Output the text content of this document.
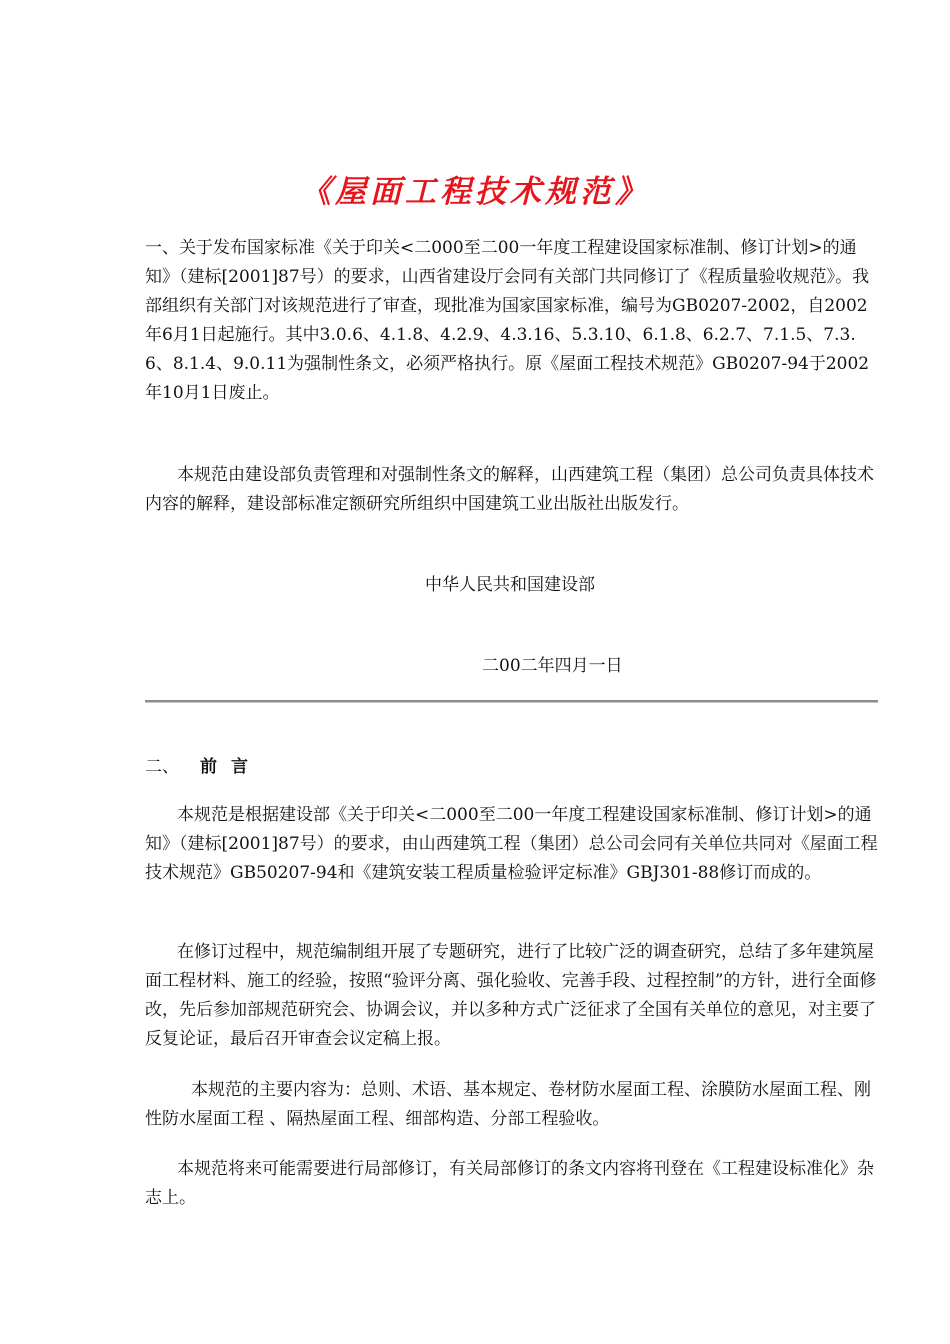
《屋面工程技术规范》

一、关于发布国家标准《关于印关<二000至二00一年度工程建设国家标准制、修订计划>的通知》（建标[2001]87号）的要求，山西省建设厅会同有关部门共同修订了《程质量验收规范》。我部组织有关部门对该规范进行了审查，现批准为国家国家标准，编号为GB0207-2002，自2002年6月1日起施行。其中3.0.6、4.1.8、4.2.9、4.3.16、5.3.10、6.1.8、6.2.7、7.1.5、7.3.6、8.1.4、9.0.11为强制性条文，必须严格执行。原《屋面工程技术规范》GB0207-94于2002年10月1日废止。

本规范由建设部负责管理和对强制性条文的解释，山西建筑工程（集团）总公司负责具体技术内容的解释，建设部标准定额研究所组织中国建筑工业出版社出版发行。

中华人民共和国建设部
二00二年四月一日
二、 前言

本规范是根据建设部《关于印关<二000至二00一年度工程建设国家标准制、修订计划>的通知》（建标[2001]87号）的要求，由山西建筑工程（集团）总公司会同有关单位共同对《屋面工程技术规范》GB50207-94和《建筑安装工程质量检验评定标准》GBJ301-88修订而成的。

在修订过程中，规范编制组开展了专题研究，进行了比较广泛的调查研究，总结了多年建筑屋面工程材料、施工的经验，按照“验评分离、强化验收、完善手段、过程控制”的方针，进行全面修改，先后参加部规范研究会、协调会议，并以多种方式广泛征求了全国有关单位的意见，对主要了反复论证，最后召开审查会议定稿上报。

本规范的主要内容为：总则、术语、基本规定、卷材防水屋面工程、涂膜防水屋面工程、刚性防水屋面工程 、隔热屋面工程、细部构造、分部工程验收。

本规范将来可能需要进行局部修订，有关局部修订的条文内容将刊登在《工程建设标准化》杂志上。
